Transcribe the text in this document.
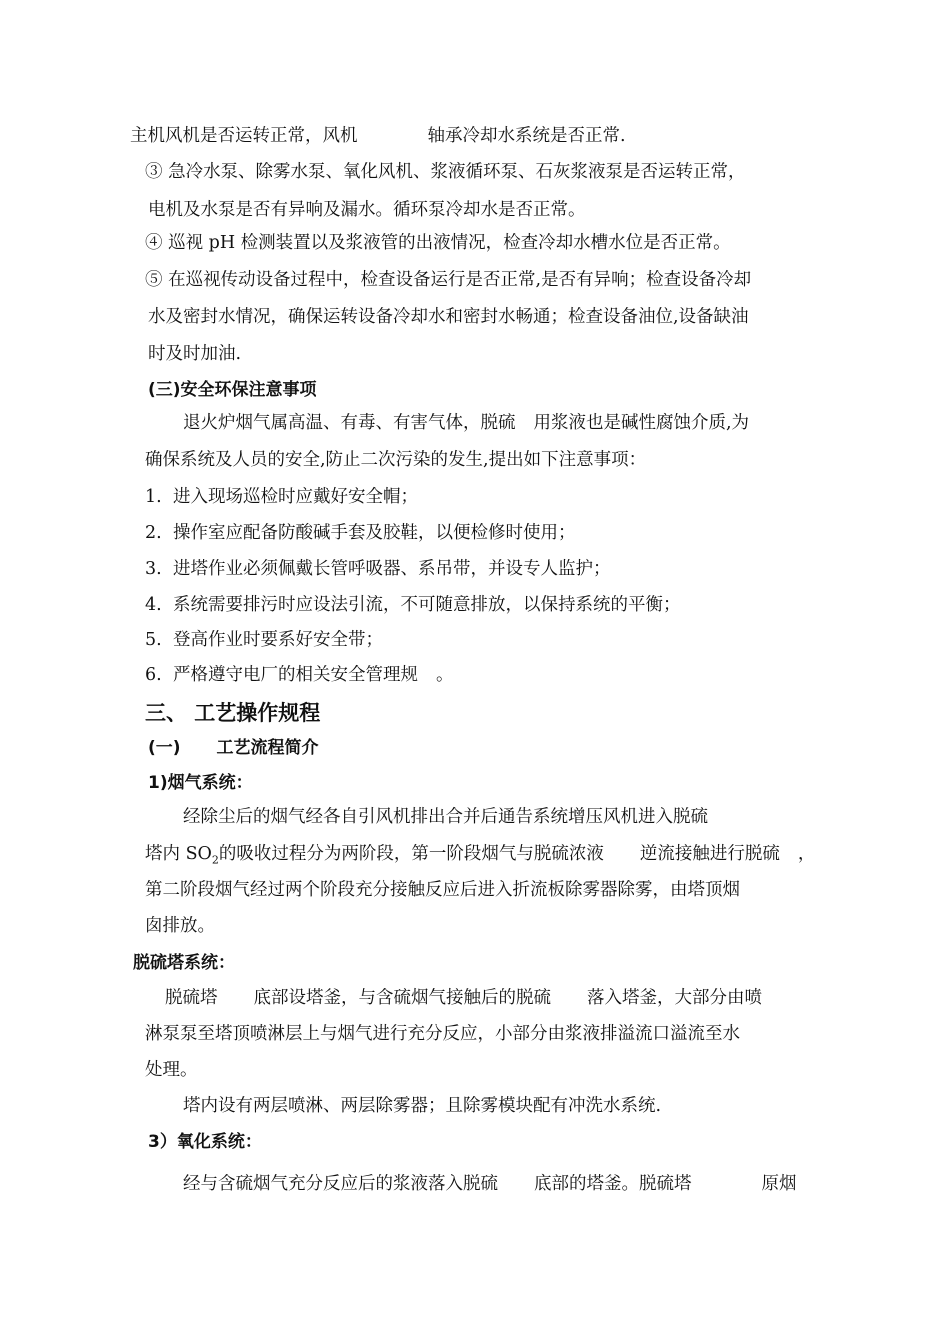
主机风机是否运转正常，风机	轴承冷却水系统是否正常.
③ 急冷水泵、除雾水泵、氧化风机、浆液循环泵、石灰浆液泵是否运转正常，
电机及水泵是否有异响及漏水。循环泵冷却水是否正常。
④ 巡视 pH 检测装置以及浆液管的出液情况，检查冷却水槽水位是否正常。
⑤ 在巡视传动设备过程中，检查设备运行是否正常,是否有异响；检查设备冷却
水及密封水情况，确保运转设备冷却水和密封水畅通；检查设备油位,设备缺油
时及时加油.
(三)安全环保注意事项
退火炉烟气属高温、有毒、有害气体，脱硫 用浆液也是碱性腐蚀介质,为
确保系统及人员的安全,防止二次污染的发生,提出如下注意事项：
1. 进入现场巡检时应戴好安全帽；
2. 操作室应配备防酸碱手套及胶鞋，以便检修时使用；
3. 进塔作业必须佩戴长管呼吸器、系吊带，并设专人监护；
4. 系统需要排污时应设法引流，不可随意排放，以保持系统的平衡；
5. 登高作业时要系好安全带；
6. 严格遵守电厂的相关安全管理规 。
三、 工艺操作规程
(一) 工艺流程简介
1)烟气系统：
经除尘后的烟气经各自引风机排出合并后通告系统增压风机进入脱硫
塔内 $SO_2$的吸收过程分为两阶段，第一阶段烟气与脱硫浓液 逆流接触进行脱硫 ，
第二阶段烟气经过两个阶段充分接触反应后进入折流板除雾器除雾，由塔顶烟
囱排放。
脱硫塔系统：
脱硫塔 底部设塔釜，与含硫烟气接触后的脱硫 落入塔釜，大部分由喷
淋泵泵至塔顶喷淋层上与烟气进行充分反应，小部分由浆液排溢流口溢流至水
处理。
塔内设有两层喷淋、两层除雾器；且除雾模块配有冲洗水系统.
3）氧化系统：
经与含硫烟气充分反应后的浆液落入脱硫 底部的塔釜。脱硫塔	原烟
